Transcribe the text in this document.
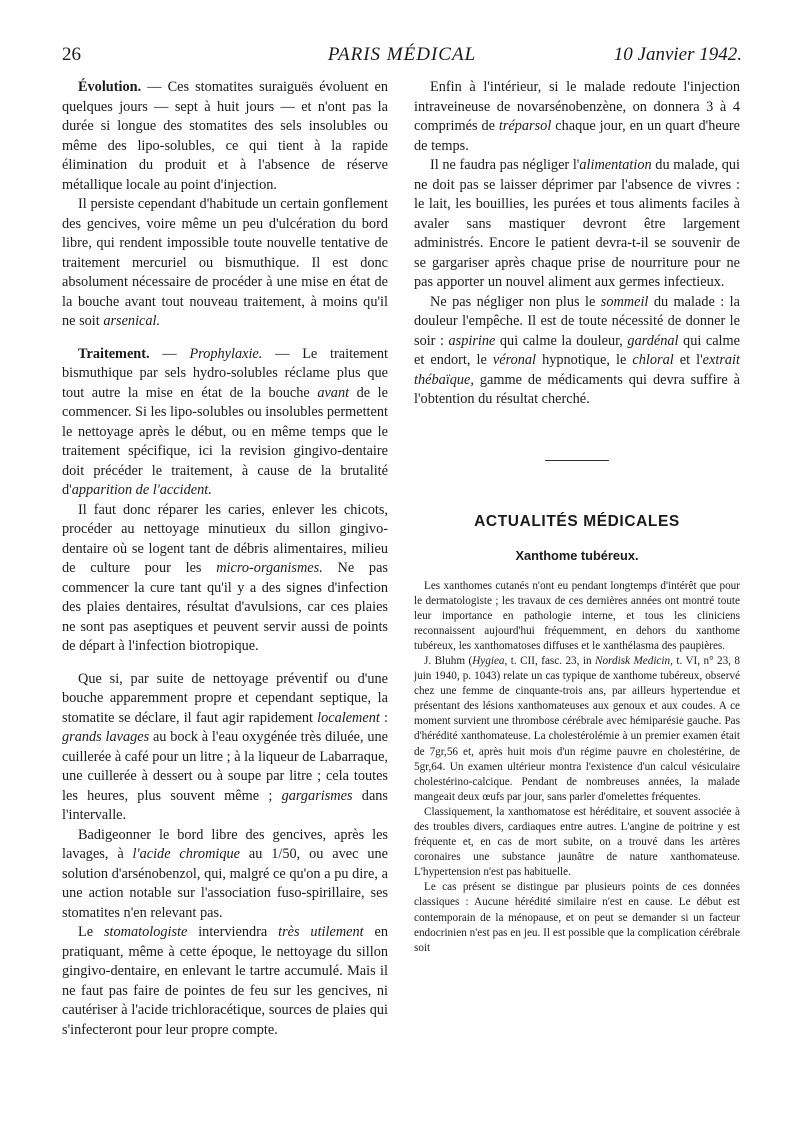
26	PARIS MÉDICAL	10 Janvier 1942.

Évolution. — Ces stomatites suraiguës évoluent en quelques jours — sept à huit jours — et n'ont pas la durée si longue des stomatites des sels insolubles ou même des lipo-solubles, ce qui tient à la rapide élimination du produit et à l'absence de réserve métallique locale au point d'injection.

Il persiste cependant d'habitude un certain gonflement des gencives, voire même un peu d'ulcération du bord libre, qui rendent impossible toute nouvelle tentative de traitement mercuriel ou bismuthique. Il est donc absolument nécessaire de procéder à une mise en état de la bouche avant tout nouveau traitement, à moins qu'il ne soit arsenical.

Traitement. — Prophylaxie. — Le traitement bismuthique par sels hydro-solubles réclame plus que tout autre la mise en état de la bouche avant de le commencer. Si les lipo-solubles ou insolubles permettent le nettoyage après le début, ou en même temps que le traitement spécifique, ici la revision gingivo-dentaire doit précéder le traitement, à cause de la brutalité d'apparition de l'accident.

Il faut donc réparer les caries, enlever les chicots, procéder au nettoyage minutieux du sillon gingivo-dentaire où se logent tant de débris alimentaires, milieu de culture pour les micro-organismes. Ne pas commencer la cure tant qu'il y a des signes d'infection des plaies dentaires, résultat d'avulsions, car ces plaies ne sont pas aseptiques et peuvent servir aussi de points de départ à l'infection biotropique.

Que si, par suite de nettoyage préventif ou d'une bouche apparemment propre et cependant septique, la stomatite se déclare, il faut agir rapidement localement : grands lavages au bock à l'eau oxygénée très diluée, une cuillerée à café pour un litre ; à la liqueur de Labarraque, une cuillerée à dessert ou à soupe par litre ; cela toutes les heures, plus souvent même ; gargarismes dans l'intervalle.

Badigeonner le bord libre des gencives, après les lavages, à l'acide chromique au 1/50, ou avec une solution d'arsénobenzol, qui, malgré ce qu'on a pu dire, a une action notable sur l'association fuso-spirillaire, ses stomatites n'en relevant pas.

Le stomatologiste interviendra très utilement en pratiquant, même à cette époque, le nettoyage du sillon gingivo-dentaire, en enlevant le tartre accumulé. Mais il ne faut pas faire de pointes de feu sur les gencives, ni cautériser à l'acide trichloracétique, sources de plaies qui s'infecteront pour leur propre compte.

Enfin à l'intérieur, si le malade redoute l'injection intraveineuse de novarsénobenzène, on donnera 3 à 4 comprimés de tréparsol chaque jour, en un quart d'heure de temps.

Il ne faudra pas négliger l'alimentation du malade, qui ne doit pas se laisser déprimer par l'absence de vivres : le lait, les bouillies, les purées et tous aliments faciles à avaler sans mastiquer devront être largement administrés. Encore le patient devra-t-il se souvenir de se gargariser après chaque prise de nourriture pour ne pas apporter un nouvel aliment aux germes infectieux.

Ne pas négliger non plus le sommeil du malade : la douleur l'empêche. Il est de toute nécessité de donner le soir : aspirine qui calme la douleur, gardénal qui calme et endort, le véronal hypnotique, le chloral et l'extrait thébaïque, gamme de médicaments qui devra suffire à l'obtention du résultat cherché.

ACTUALITÉS MÉDICALES
Xanthome tubéreux.

Les xanthomes cutanés n'ont eu pendant longtemps d'intérêt que pour le dermatologiste ; les travaux de ces dernières années ont montré toute leur importance en pathologie interne, et tous les cliniciens reconnaissent aujourd'hui fréquemment, en dehors du xanthome tubéreux, les xanthomatoses diffuses et le xanthélasma des paupières.

J. Bluhm (Hygiea, t. CII, fasc. 23, in Nordisk Medicin, t. VI, n° 23, 8 juin 1940, p. 1043) relate un cas typique de xanthome tubéreux, observé chez une femme de cinquante-trois ans, par ailleurs hypertendue et présentant des lésions xanthomateuses aux genoux et aux coudes. A ce moment survient une thrombose cérébrale avec hémiparésie gauche. Pas d'hérédité xanthomateuse. La cholestérolémie à un premier examen était de 7gr,56 et, après huit mois d'un régime pauvre en cholestérine, de 5gr,64. Un examen ultérieur montra l'existence d'un calcul vésiculaire cholestérino-calcique. Pendant de nombreuses années, la malade mangeait deux œufs par jour, sans parler d'omelettes fréquentes.

Classiquement, la xanthomatose est héréditaire, et souvent associée à des troubles divers, cardiaques entre autres. L'angine de poitrine y est fréquente et, en cas de mort subite, on a trouvé dans les artères coronaires une substance jaunâtre de nature xanthomateuse. L'hypertension n'est pas habituelle.

Le cas présent se distingue par plusieurs points de ces données classiques : Aucune hérédité similaire n'est en cause. Le début est contemporain de la ménopause, et on peut se demander si un facteur endocrinien n'est pas en jeu. Il est possible que la complication cérébrale soit
